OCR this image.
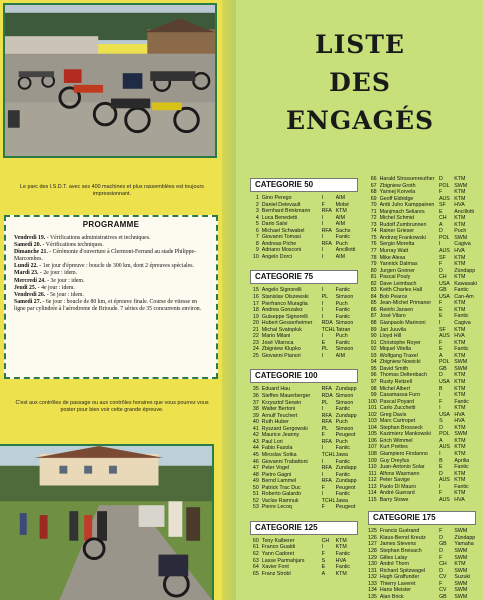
Le parc des I.S.D.T. avec ses 400 machines et plus rassemblées est toujours impressionnant.
PROGRAMME

Vendredi 19. - Vérifications administratives et techniques.

Samedi 20. - Vérifications techniques.

Dimanche 21. - Cérémonie d'ouverture à Clermont-Ferrand au stade Philippe-Marcombes.

Lundi 22. - 1er jour d'épreuve : boucle de 300 km, dont 2 épreuves spéciales.

Mardi 23. - 2e jour : idem.

Mercredi 24. - 3e jour : idem.

Jeudi 25. - 4e jour : idem.

Vendredi 26. - 5e jour : idem.

Samedi 27. - 6e jour : boucle de 80 km, et épreuve finale. Course de vitesse en ligne par cylindrée à l'aérodrome de Brioude. 7 séries de 35 concurrents environ.

C'est aux contrôles de passage ou aux contrôles horaires que vous pourrez vous poster pour bien voir cette grande épreuve.
LISTE
DES
ENGAGÉS
CATEGORIE 50
1 Gino Perego	I	AIM
2 Daniel Delevault	F	Mobé
3 Bernhard Brinkmann	RFA KTM
4 Luca Benedetti	I	AIM
5 Dario Salvi	I	AIM
6 Michael Schwabel	RFA Sachs
7 Giovanni Tomasi	I	Fantic
8 Andreas Piche	RFA Puch
9 Adriano Mosconi	I	Ancillotti
10 Angelo Dorci	I	AIM
CATEGORIE 75
15 Angelo Signorelli	I	Fantic
16 Stanislav Olszewski	PL	Simson
17 Pierfranco Muraglia	I	Puch
18 Andrea Gonzalez	I	Fantic
19 Guiseppe Signorelli	I	Fantic
20 Hubert Gesserheimer	RDA Simson
21 Michal Svatopluk	TCHL Tatran
22 Mario Milani	I	Puch
23 José Vilaroca	E	Fantic
24 Zbigniew Klupko	PL	Simson
25 Giovanni Pianori	I	AIM
CATEGORIE 100
35 Eduard Hau	RFA Zundapp
36 Steffen Mauerberger	RDA Simson
37 Krzysztof Serwin	PL	Simson
38 Walter Bertoni	I	Fantic
39 Arnulf Teuchert	RFA Zundapp
40 Ruth Huber	RFA Puch
41 Ryszard Gergowski	PL	Simson
42 Maurice Jeanny	F	Peugeot
43 Paul Lori	RFA Puch
44 Fabio Fasola	I	Fantic
45 Miroslav Sotka	TCHL Jawa
46 Giovanni Trabattoni	I	Fantic
47 Peter Vogel	RFA Zundapp
48 Pietro Gagni	I	Fantic
49 Bernd Lammel	RFA Zundapp
50 Patrick Trac Duc	F	Peugeot
51 Roberto Galardo	I	Fantic
52 Vaclav Ramnuk	TCHL Jawa
53 Pierre Lecoq	F	Peugeot
CATEGORIE 125
60 Tony Kalberer	CH	KTM
61 Franco Gualdi	I	KTM
62 Yann Cadoret	F	Fantic
63 Lasse Parmahjars	S	HVA
64 Xavier Font	E	Fantic
65 Franz Strobl	A	KTM
66 Harald Strossenreuther D	KTM
67 Zbigniew Groth	POL SWM
68 Yannej Korvela	F	KTM
69 Geoff Eldridge	AUS KTM
70 Antti Juho Kamppainen SF	HVA
71 Manjmach Seliares	E	Ancillotti
72 Michel Schmid	CH	KTM
73 Rudolf Zumbrunnen	A	KTM
74 Rainer Grieser	D	Puch
75 Andrzej Frankowski	POL SWM
76 Sergio Moretta	I	Cagiva
77 Murray Watt	AUS HVA
78 Mike Alexa	SF	KTM
79 Yannick Dalmas	F	KTM
80 Jurgen Greiner	D	Zündapp
81 Pascal Pouly	CH	KTM
82 Dave Leimbach	USA Kawasaki
83 Keith Charles Hall	GB	Fantic
84 Bob Pearce	USA Can-Am
85 Jean-Michel Primaner	F	KTM
86 Reinhi Jansen	E	KTM
87 José Vilaro	E	Fantic
88 Gianpaolo Marinoni	I	Cagiva
89 Jari Juuvila	SF	KTM
90 Lloyd Hill	AUS HVA
91 Christophe Royer	F	KTM
92 Miquel Vitella	E	Fantic
93 Wolfgang Traxel	A	KTM
94 Zbigniew Nowicki	POL SWM
95 David Smith	GB	SWM
96 Thomas Deltenbach	D	KTM
97 Rusty Reitzell	USA KTM
98 Michel Albert	B	KTM
99 Casamassa Furo	I	KTM
100 Pascal Poyard	F	Fantic
101 Carlo Zucchetti	I	KTM
102 Greg Davis	USA HVA
103 Marc Cartropet	S	HVA
104 Stephan Brosseck	D	KTM
105 Kazimierz Mankowski	POL SWM
106 Erich Wimmel	A	KTM
107 Kurt Prettes	AUS KTM
108 Giampiero Findanno	I	KTM
109 Guy Dreyfus	B	Aprilia
110 Juan-Antonio Solar	E	Fantic
111 Alfons Wasmann	D	KTM
112 Peter Savige	AUS KTM
113 Paolo Di Mauro	I	Fantic
114 André Guerard	F	KTM
115 Barry Stowe	AUS HVA
CATEGORIE 175
125 Francis Guérand	F	SWM
126 Klaus-Bernd Kreutz	D	Zündapp
127 James Stevens	GB	Yamaha
128 Stephan Breisach	D	SWM
129 Gilles Lalay	F	SWM
130 André Thorn	CH	KTM
131 Richard Spitzwagel	D	SWM
132 Hugh Graffunder	CV	Suzuki
133 Thierry Laveret	F	SWM
134 Hans Meister	CV	SWM
135 Alan Brick	GB	SWM
